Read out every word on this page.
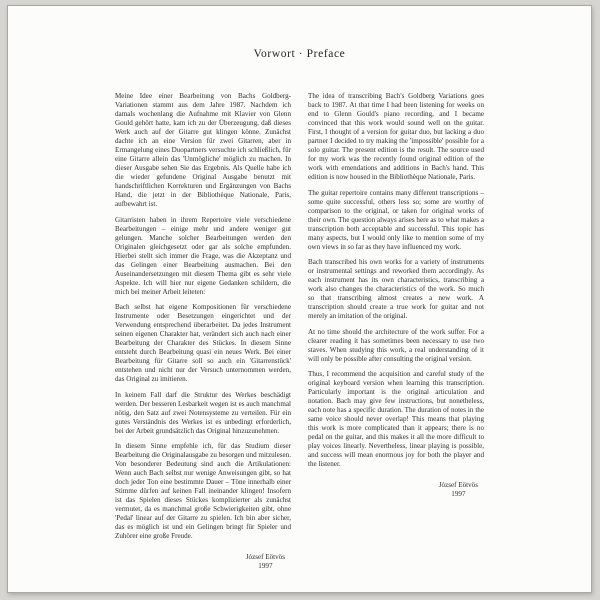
Vorwort · Preface

Meine Idee einer Bearbeitung von Bachs Goldberg-Variationen stammt aus dem Jahre 1987. Nachdem ich damals wochenlang die Aufnahme mit Klavier von Glenn Gould gehört hatte, kam ich zu der Überzeugung, daß dieses Werk auch auf der Gitarre gut klingen könne. Zunächst dachte ich an eine Version für zwei Gitarren, aber in Ermangelung eines Duopartners versuchte ich schließlich, für eine Gitarre allein das 'Unmögliche' möglich zu machen. In dieser Ausgabe sehen Sie das Ergebnis. Als Quelle habe ich die wieder gefundene Original Ausgabe benutzt mit handschriftlichen Korrekturen und Ergänzungen von Bachs Hand, die jetzt in der Bibliothèque Nationale, Paris, aufbewahrt ist.

Gitarristen haben in ihrem Repertoire viele verschiedene Bearbeitungen – einige mehr und andere weniger gut gelungen. Manche solcher Bearbeitungen werden den Originalen gleichgesetzt oder gar als solche empfunden. Hierbei stellt sich immer die Frage, was die Akzeptanz und das Gelingen einer Bearbeitung ausmachen. Bei den Auseinandersetzungen mit diesem Thema gibt es sehr viele Aspekte. Ich will hier nur eigene Gedanken schildern, die mich bei meiner Arbeit leiteten:

Bach selbst hat eigene Kompositionen für verschiedene Instrumente oder Besetzungen eingerichtet und der Verwendung entsprechend überarbeitet. Da jedes Instrument seinen eigenen Charakter hat, verändert sich auch nach einer Bearbeitung der Charakter des Stückes. In diesem Sinne entsteht durch Bearbeitung quasi ein neues Werk. Bei einer Bearbeitung für Gitarre soll so auch ein 'Gitarrenstück' entstehen und nicht nur der Versuch unternommen werden, das Original zu imitieren.

In keinem Fall darf die Struktur des Werkes beschädigt werden. Der besseren Lesbarkeit wegen ist es auch manchmal nötig, den Satz auf zwei Notensysteme zu verteilen. Für ein gutes Verständnis des Werkes ist es unbedingt erforderlich, bei der Arbeit grundsätzlich das Original hinzuzunehmen.

In diesem Sinne empfehle ich, für das Studium dieser Bearbeitung die Originalausgabe zu besorgen und mitzulesen. Von besonderer Bedeutung sind auch die Artikulationen: Wenn auch Bach selbst nur wenige Anweisungen gibt, so hat doch jeder Ton eine bestimmte Dauer – Töne innerhalb einer Stimme dürfen auf keinen Fall ineinander klingen! Insofern ist das Spielen dieses Stückes komplizierter als zunächst vermutet, da es manchmal große Schwierigkeiten gibt, ohne 'Pedal' linear auf der Gitarre zu spielen. Ich bin aber sicher, das es möglich ist und ein Gelingen bringt für Spieler und Zuhörer eine große Freude.

József Eötvös
1997

The idea of transcribing Bach's Goldberg Variations goes back to 1987. At that time I had been listening for weeks on end to Glenn Gould's piano recording, and I became convinced that this work would sound well on the guitar. First, I thought of a version for guitar duo, but lacking a duo partner I decided to try making the 'impossible' possible for a solo guitar. The present edition is the result. The source used for my work was the recently found original edition of the work with emendations and additions in Bach's hand. This edition is now housed in the Bibliothèque Nationale, Paris.

The guitar repertoire contains many different transcriptions – some quite successful, others less so; some are worthy of comparison to the original, or taken for original works of their own. The question always arises here as to what makes a transcription both acceptable and successful. This topic has many aspects, but I would only like to mention some of my own views in so far as they have influenced my work.

Bach transcribed his own works for a variety of instruments or instrumental settings and reworked them accordingly. As each instrument has its own characteristics, transcribing a work also changes the characteristics of the work. So much so that transcribing almost creates a new work. A transcription should create a true work for guitar and not merely an imitation of the original.

At no time should the architecture of the work suffer. For a clearer reading it has sometimes been necessary to use two staves. When studying this work, a real understanding of it will only be possible after consulting the original version.

Thus, I recommend the acquisition and careful study of the original keyboard version when learning this transcription. Particularly important is the original articulation and notation. Bach may give few instructions, but nonetheless, each note has a specific duration. The duration of notes in the same voice should never overlap! This means that playing this work is more complicated than it appears; there is no pedal on the guitar, and this makes it all the more difficult to play voices linearly. Nevertheless, linear playing is possible, and success will mean enormous joy for both the player and the listener.

József Eötvös
1997
